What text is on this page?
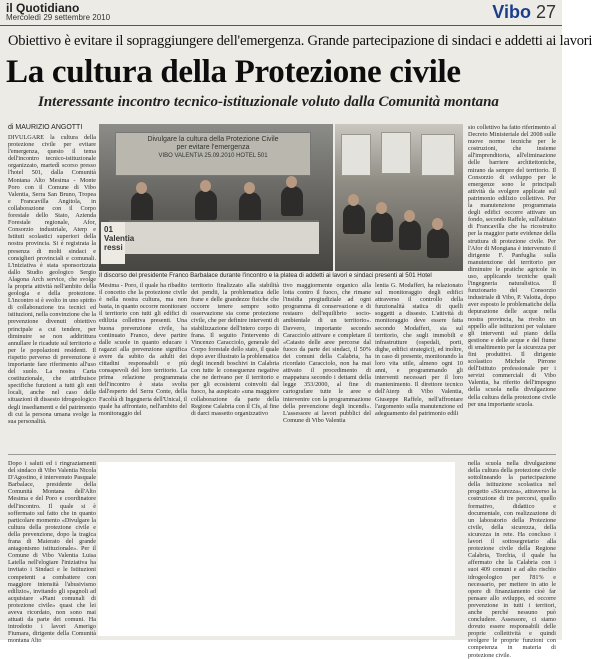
il Quotidiano
Mercoledì 29 settembre 2010	Vibo 27
Obiettivo è evitare il sopraggiungere dell'emergenza. Grande partecipazione di sindaci e addetti ai lavori
La cultura della Protezione civile
Interessante incontro tecnico-istituzionale voluto dalla Comunità montana
di MAURIZIO ANGOTTI
DIVULGARE la cultura della protezione civile per evitare l'emergenza, questo il tema dell'incontro tecnico-istituzionale organizzato, martedì scorso presso l'hotel 501, dalla Comunità Montana Alto Mesima - Monte Poro con il Comune di Vibo Valentia, Serra San Bruno, Tropea e Francavilla Angitola, in collaborazione con il Corpo forestale dello Stato, Azienda Forestale regionale, Afor, Consorzio industriale, Aterp e Istituti scolastici superiori della nostra provincia. Si è registrata la presenza di molti sindaci e consiglieri provinciali e comunali. L'iniziativa è stata sponsorizzata dallo Studio geologico Sergio Alagona Arch service, che svolge la propria attività nell'ambito della geologia e della protezione. L'incontro si è svolto in uno spirito di collaborazione tra tecnici ed istituzioni, nella convinzione che la prevenzione divenuti obiettivo principale a cui tendere, per diminuire se non addirittura annullare le ricadute sul territorio e per le popolazioni residenti. Il rispetto perverso di prevenzione è importante fare riferimento all'uso del suolo. La nostra Carta costituzionale, che attribuisce specifiche funzioni a tutti gli enti locali, anche nel caso delle situazioni di dissesto idrogeologico degli insediamenti e del patrimonio di cui la persona umana svolge la sua personalità.
Divulgare la cultura della Protezione Civile
per evitare l'emergenza
VIBO VALENTIA 25.09.2010 HOTEL 501
01 Valentia ressi
Il discorso del presidente Franco Barbalace durante l'incontro e la platea di addetti ai lavori e sindaci presenti al 501 Hotel
sio collettivo ha fatto riferimento al Decreto Ministeriale del 2008 sulle nuove norme tecniche per le costruzioni, che insieme all'imprenditoria, all'eliminazione delle barriere architettoniche, mirano da sempre del territorio. Il Consorzio di sviluppo per le emergenze sono le principali attività da svolgere applicate sul patrimonio edilizio collettivo. Per la manutenzione programmata degli edifici occorre attivare un fondo, secondo Raffele, sull'abitato di Francavilla che ha ricostruito per la maggior parte evidenze della struttura di protezione civile. Per l'Afor di Mongiana è intervenuto il dirigente F. Panfuglia sulla manutenzione del territorio per diminuire le pratiche agricole in uso, applicando tecniche quali l'ingegneria naturalistica. Il funzionario del Consorzio industriale di Vibo, P. Valotta, dopo aver esposto le problematiche della depurazione delle acque nella nostra provincia, ha rivolto un appello alle istituzioni per valutare gli interventi sul piano della gestione e delle acque e del fiume di smaltimento per la sicurezza per fini produttivi. Il dirigente scolastico Michele Pirrone dell'Istituto professionale per i servizi commerciali di Vibo Valentia, ha riferito dell'impegno della scuola nella divulgazione della cultura della protezione civile per una importante scuola.
Mesima - Poro, il quale ha ribadito il concetto che la protezione civile è nella nostra cultura, ma non basta, in quanto occorre monitorare il territorio con tutti gli edifici di edilizia collettiva presenti. Una buona prevenzione civile, ha continuato Franco, deve partire dalle scuole in quanto educare i ragazzi alla prevenzione significa avere da subito da adulti dei cittadini responsabili e più consapevoli del loro territorio. La prima relazione programmata dell'incontro è stata svolta dall'esperto del Serra Conte, della Facoltà di Ingegneria dell'Unical, il quale ha affrontato, nell'ambito del monitoraggio del
territorio finalizzato alla stabilità dei pendii, la problematica delle frane e delle grandezze fisiche che occorre tenere sempre sotto osservazione sia come protezione civile, che per definire interventi di stabilizzazione dell'intero corpo di frana. Il seguito l'intervento di Vincenzo Caracciolo, generale del Corpo forestale dello stato, il quale dopo aver illustrato la problematica degli incendi boschivi in Calabria con tutte le conseguenze negative che ne derivano per il territorio e per gli ecosistemi coinvolti dal fuoco, ha auspicato «una maggiore collaborazione da parte della Regione Calabria con il Cfs, al fine di darci massetto organizzativo
tivo maggiormente organico alla lotta contro il fuoco, che rimane l'insidia pregiudiziale ad ogni programma di conservazione e di restauro dell'equilibrio socio-ambientale di un territorio». Davvero, importante secondo Caracciolo attivare e completare il «Catasto delle aree percorse dal fuoco da parte dei sindaci, il 50% dei comuni della Calabria, ha ricordato Caracciolo, non ha mai attivato il procedimento di mappatura secondo i dettami della legge 353/2000, al fine di cartografare tutte le aree e intervenire con la programmazione della prevenzione degli incendi». L'assessore ai lavori pubblici del Comune di Vibo Valentia
lentia G. Modafferi, ha relazionato sul monitoraggio degli edifici attraverso il controllo della funzionalità statica di quelli soggetti a dissesto. L'attività di monitoraggio deve essere fatta secondo Modafferi, sia sul territorio, che sugli immobili e infrastrutture (ospedali, porti, dighe, edifici strategici), ed inoltre, in caso di presente, monitorando la loro vita utile, almeno ogni 10 anni, e programmando gli interventi necessari per il loro mantenimento. Il direttore tecnico dell'Aterp di Vibo Valentia, Giuseppe Raffele, nell'affrontare l'argomento sulla manutenzione ed adeguamento del patrimonio edili
Dopo i saluti ed i ringraziamenti del sindaco di Vibo Valentia Nicola D'Agostino, è intervenuto Pasquale Barbalace, presidente della Comunità Montana dell'Alto Mesima e del Poro e coordinatore dell'incontro. Il quale si è soffermato sul fatto che in quanto particolare momento «Divulgare la cultura della protezione civile e della prevenzione, dopo la tragica frana di Maierato del grande antagonismo istituzionale». Per il Comune di Vibo Valentia Luisa Latella nell'elogiare l'iniziativa ha invitato i Sindaci e le Istituzioni competenti a combattere con maggiore intensità l'abusivismo edilizio», invitando gli spagnoli ad acquistare «Piani comunali di protezione civile» quasi che lei aveva ricordato, non sono mai attuati da parte dei comuni. Ha introdotto i lavori Amerigo Fiumara, dirigente della Comunità montana Alto
nella scuola nella divulgazione della cultura della protezione civile sottolineando la partecipazione della istituzione scolastica nel progetto «Sicurezza», attraverso la costruzione di tre percorsi, quello formativo, didattico e documentale, con realizzazione di un laboratorio della Protezione civile, della sicurezza, della sicurezza in rete. Ha concluso i lavori il sottosegretario alla protezione civile della Regione Calabria, Torchia, il quale ha affermato che la Calabria con i suoi 409 comuni e ad alto rischio idrogeologico per l'81% e necessario, per mettere in atto le opere di finanziamento cioè far pensare allo sviluppo, ed occorre prevenzione in tutti i territori, anche perché nessuno può concludere. Assessore, ci siamo dovuto essere responsabili delle proprie collettività e quindi svolgere le proprie funzioni con competenza in materia di protezione civile.
